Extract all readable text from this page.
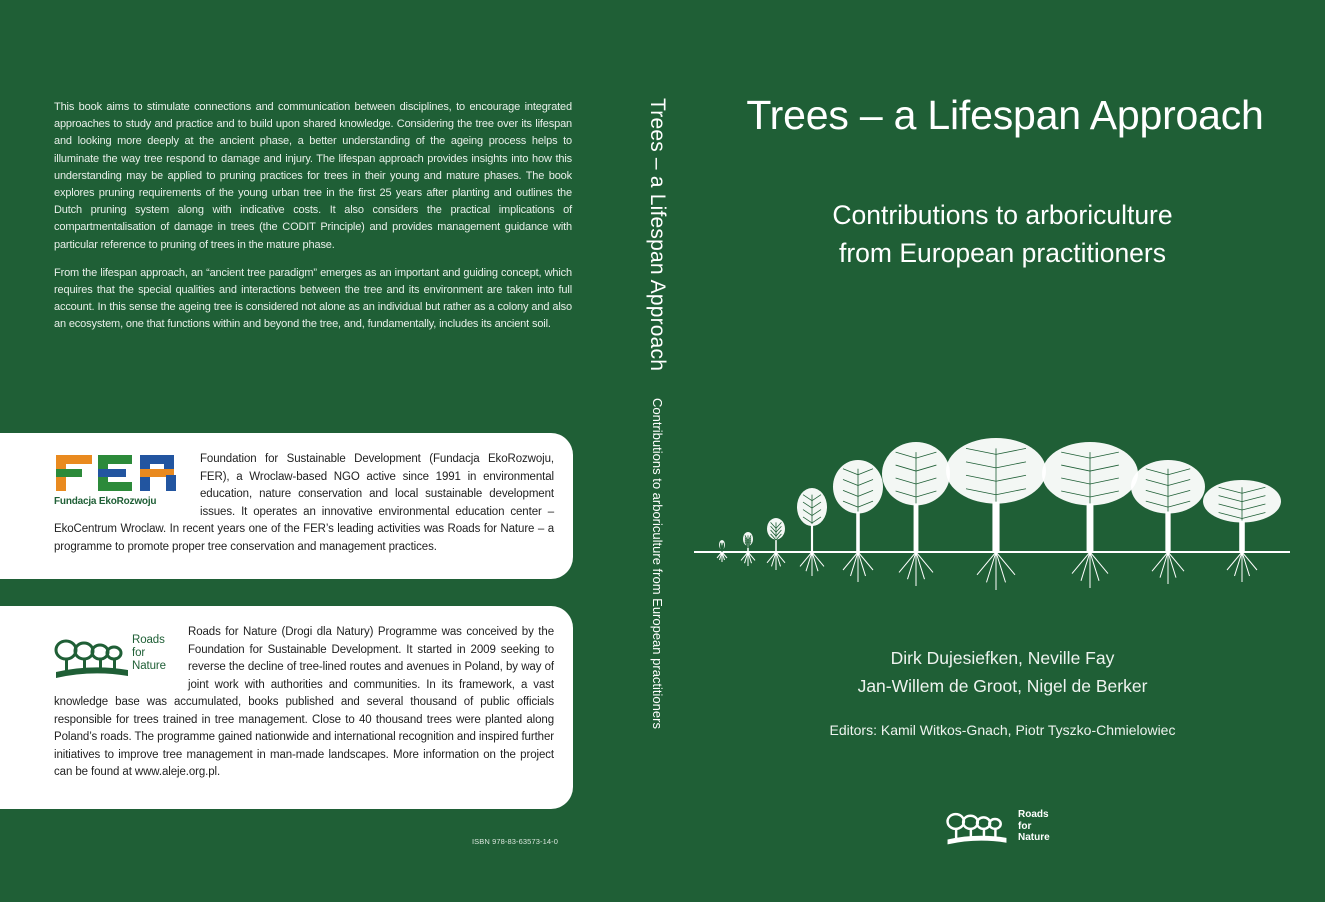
This book aims to stimulate connections and communication between disciplines, to encourage integrated approaches to study and practice and to build upon shared knowledge. Considering the tree over its lifespan and looking more deeply at the ancient phase, a better understanding of the ageing process helps to illuminate the way tree respond to damage and injury. The lifespan approach provides insights into how this understanding may be applied to pruning practices for trees in their young and mature phases. The book explores pruning requirements of the young urban tree in the first 25 years after planting and outlines the Dutch pruning system along with indicative costs. It also considers the practical implications of compartmentalisation of damage in trees (the CODIT Principle) and provides management guidance with particular reference to pruning of trees in the mature phase.

From the lifespan approach, an “ancient tree paradigm” emerges as an important and guiding concept, which requires that the special qualities and interactions between the tree and its environment are taken into full account. In this sense the ageing tree is considered not alone as an individual but rather as a colony and also an ecosystem, one that functions within and beyond the tree, and, fundamentally, includes its ancient soil.

Fundacja EkoRozwoju
Foundation for Sustainable Development (Fundacja EkoRozwoju, FER), a Wroclaw-based NGO active since 1991 in environmental education, nature conservation and local sustainable development issues. It operates an innovative environmental education center – EkoCentrum Wroclaw. In recent years one of the FER’s leading activities was Roads for Nature – a programme to promote proper tree conservation and management practices.
Roads
for
Nature
Roads for Nature (Drogi dla Natury) Programme was conceived by the Foundation for Sustainable Development. It started in 2009 seeking to reverse the decline of tree-lined routes and avenues in Poland, by way of joint work with authorities and communities. In its framework, a vast knowledge base was accumulated, books published and several thousand of public officials responsible for trees trained in tree management. Close to 40 thousand trees were planted along Poland’s roads. The programme gained nationwide and international recognition and inspired further initiatives to improve tree management in man-made landscapes. More information on the project can be found at www.aleje.org.pl.
ISBN 978-83-63573-14-0
Trees – a Lifespan Approach Contributions to arboriculture from European practitioners
Trees – a Lifespan Approach
Contributions to arboriculture
from European practitioners
Dirk Dujesiefken, Neville Fay
Jan-Willem de Groot, Nigel de Berker
Editors: Kamil Witkos-Gnach, Piotr Tyszko-Chmielowiec
Roads
for
Nature
